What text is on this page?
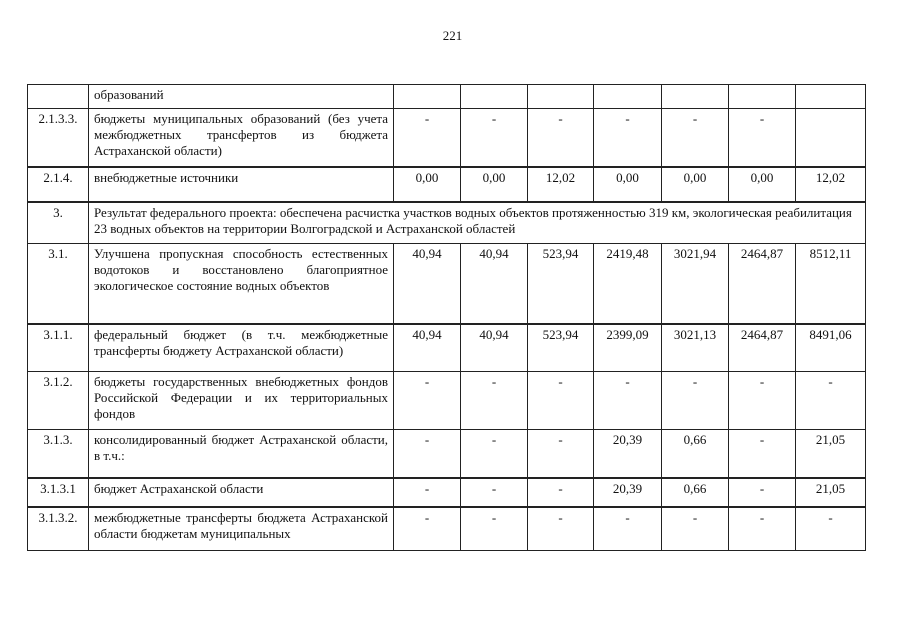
221
	образований							
2.1.3.3.	бюджеты муниципальных образований (без учета межбюджетных трансфертов из бюджета Астраханской области)	-	-	-	-	-	-	
2.1.4.	внебюджетные источники	0,00	0,00	12,02	0,00	0,00	0,00	12,02
3.	Результат федерального проекта: обеспечена расчистка участков водных объектов протяженностью 319 км, экологическая реабилитация 23 водных объектов на территории Волгоградской и Астраханской областей							
3.1.	Улучшена пропускная способность естественных водотоков и восстановлено благоприятное экологическое состояние водных объектов	40,94	40,94	523,94	2419,48	3021,94	2464,87	8512,11
3.1.1.	федеральный бюджет (в т.ч. межбюджетные трансферты бюджету Астраханской области)	40,94	40,94	523,94	2399,09	3021,13	2464,87	8491,06
3.1.2.	бюджеты государственных внебюджетных фондов Российской Федерации и их территориальных фондов	-	-	-	-	-	-	-
3.1.3.	консолидированный бюджет Астраханской области, в т.ч.:	-	-	-	20,39	0,66	-	21,05
3.1.3.1	бюджет Астраханской области	-	-	-	20,39	0,66	-	21,05
3.1.3.2.	межбюджетные трансферты бюджета Астраханской области бюджетам муниципальных	-	-	-	-	-	-	-
